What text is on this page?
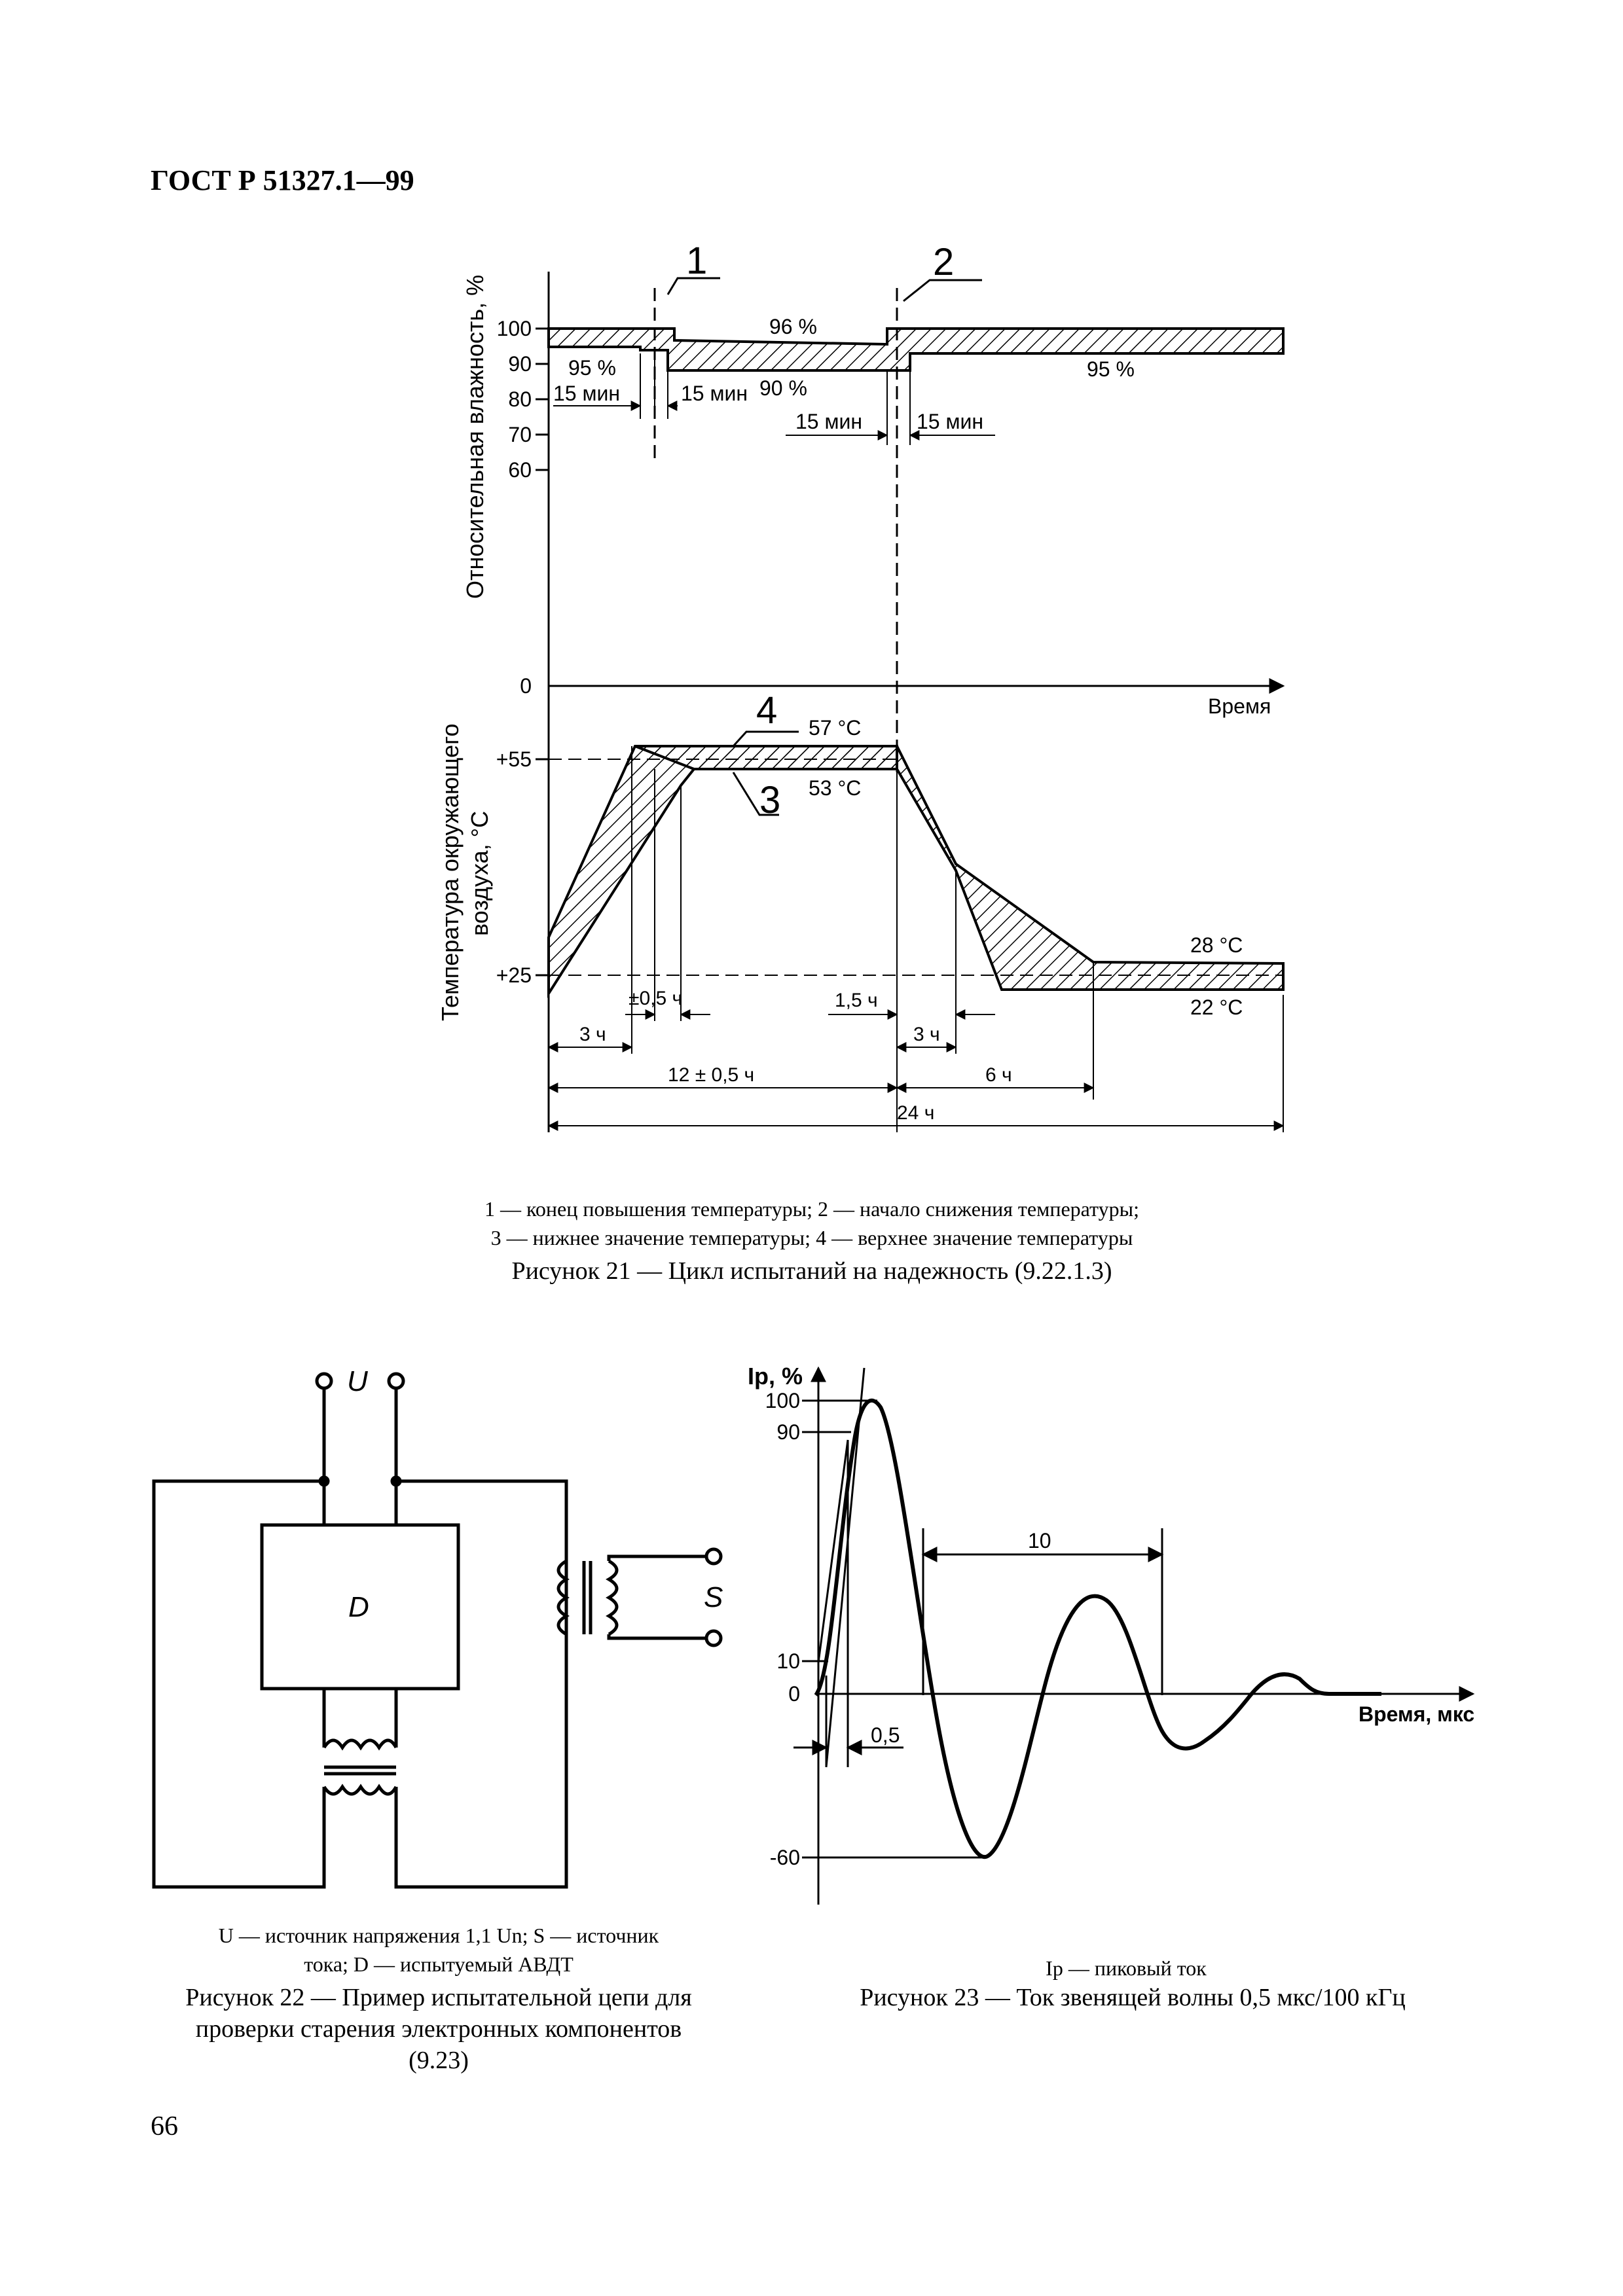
ГОСТ Р 51327.1—99
100
90
80
70
60
0
Относительная влажность, %
Температура окружающего воздуха, °С
96 %
95 %
90 %
95 %
15 мин	15 мин
15 мин	15 мин
1	2
Время
+55
+25
57 °С
53 °С
28 °С
22 °С
4
3
±0,5 ч	1,5 ч
3 ч	3 ч
12 ± 0,5 ч	6 ч
24 ч
1 — конец повышения температуры; 2 — начало снижения температуры;
3 — нижнее значение температуры; 4 — верхнее значение температуры
Рисунок 21 — Цикл испытаний на надежность (9.22.1.3)
U
D	S
U — источник напряжения 1,1 Un; S — источник
тока; D — испытуемый АВДТ
Рисунок 22 — Пример испытательной цепи для
проверки старения электронных компонентов
(9.23)
Iр, %
100
90
10
0
-60
Время, мкс
10
0,5
Iр — пиковый ток
Рисунок 23 — Ток звенящей волны 0,5 мкс/100 кГц
66
